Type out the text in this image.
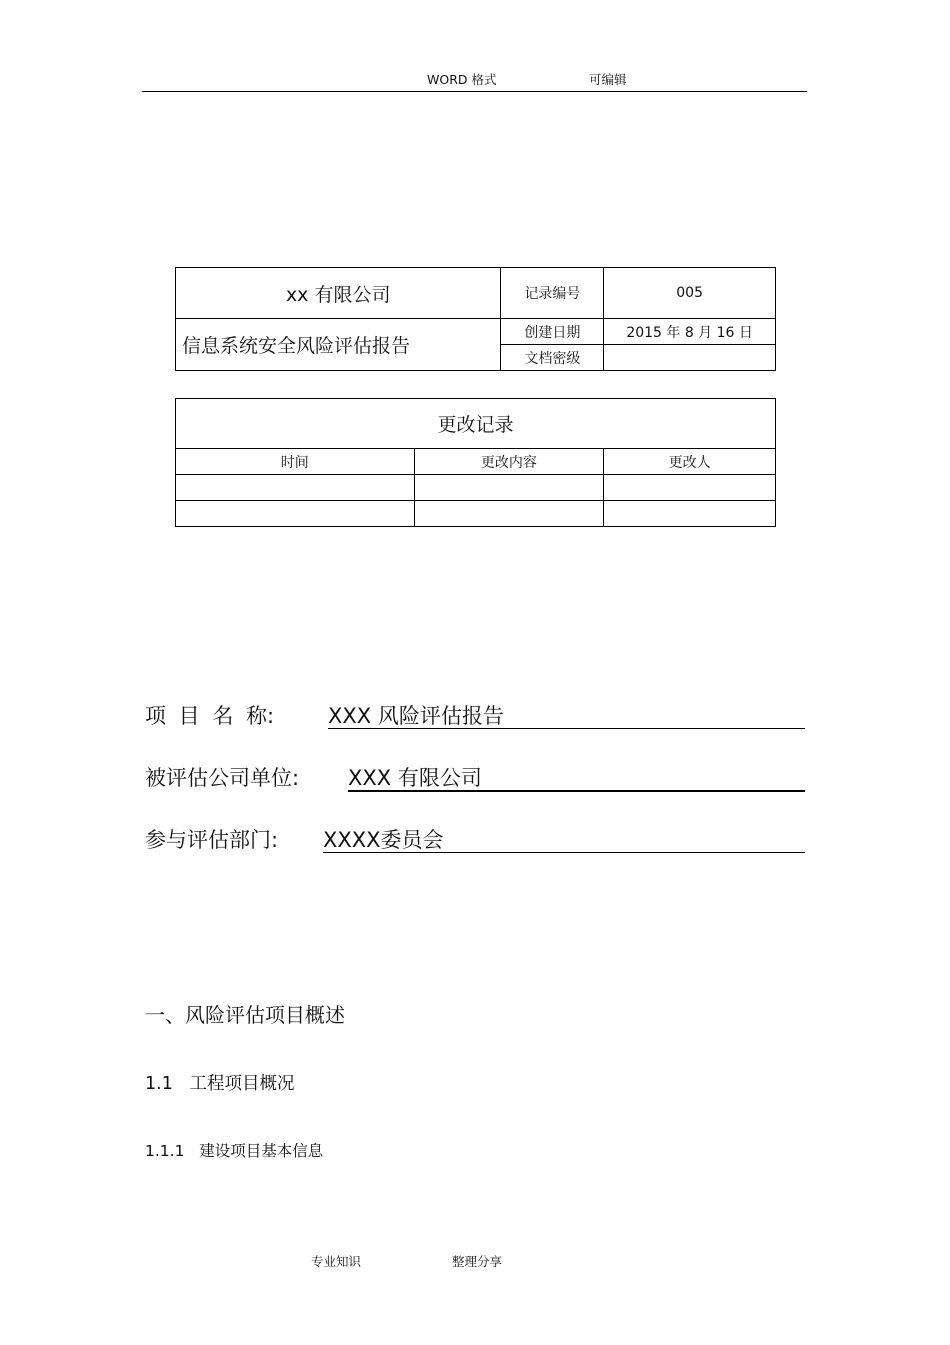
WORD 格式	可编辑
xx 有限公司	记录编号	005
信息系统安全风险评估报告	创建日期	2015 年 8 月 16 日
	文档密级	
更改记录		
时间	更改内容	更改人

项 目 名 称:	XXX 风险评估报告
被评估公司单位: XXX 有限公司
参与评估部门: XXXX委员会
一、风险评估项目概述
1.1   工程项目概况
1.1.1   建设项目基本信息
专业知识	整理分享
